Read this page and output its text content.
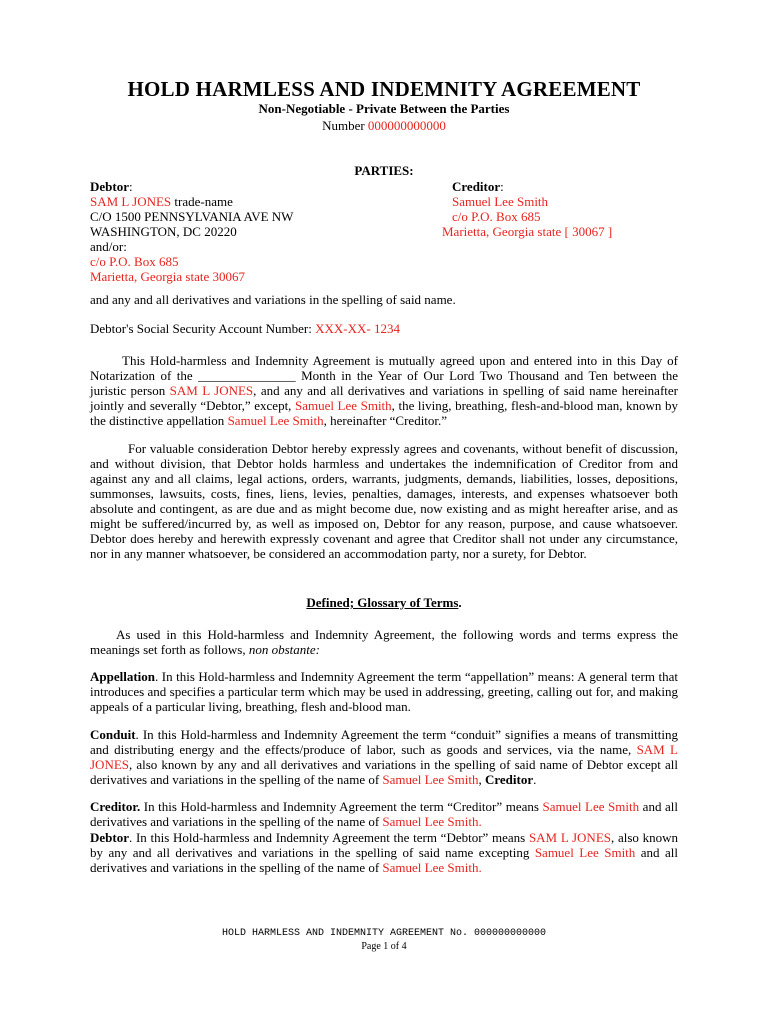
HOLD HARMLESS AND INDEMNITY AGREEMENT
Non-Negotiable - Private Between the Parties
Number 000000000000
PARTIES:
Debtor:
SAM L JONES trade-name
C/O 1500 PENNSYLVANIA AVE NW
WASHINGTON, DC 20220
and/or:
c/o P.O. Box 685
Marietta, Georgia state 30067
Creditor:
Samuel Lee Smith
c/o P.O. Box 685
Marietta, Georgia state [ 30067 ]
and any and all derivatives and variations in the spelling of said name.
Debtor's Social Security Account Number: XXX-XX- 1234
This Hold-harmless and Indemnity Agreement is mutually agreed upon and entered into in this Day of Notarization of the _______________ Month in the Year of Our Lord Two Thousand and Ten between the juristic person SAM L JONES, and any and all derivatives and variations in spelling of said name hereinafter jointly and severally “Debtor,” except, Samuel Lee Smith, the living, breathing, flesh-and-blood man, known by the distinctive appellation Samuel Lee Smith, hereinafter “Creditor.”
For valuable consideration Debtor hereby expressly agrees and covenants, without benefit of discussion, and without division, that Debtor holds harmless and undertakes the indemnification of Creditor from and against any and all claims, legal actions, orders, warrants, judgments, demands, liabilities, losses, depositions, summonses, lawsuits, costs, fines, liens, levies, penalties, damages, interests, and expenses whatsoever both absolute and contingent, as are due and as might become due, now existing and as might hereafter arise, and as might be suffered/incurred by, as well as imposed on, Debtor for any reason, purpose, and cause whatsoever. Debtor does hereby and herewith expressly covenant and agree that Creditor shall not under any circumstance, nor in any manner whatsoever, be considered an accommodation party, nor a surety, for Debtor.
Defined; Glossary of Terms.
As used in this Hold-harmless and Indemnity Agreement, the following words and terms express the meanings set forth as follows, non obstante:
Appellation. In this Hold-harmless and Indemnity Agreement the term “appellation” means: A general term that introduces and specifies a particular term which may be used in addressing, greeting, calling out for, and making appeals of a particular living, breathing, flesh and-blood man.
Conduit. In this Hold-harmless and Indemnity Agreement the term “conduit” signifies a means of transmitting and distributing energy and the effects/produce of labor, such as goods and services, via the name, SAM L JONES, also known by any and all derivatives and variations in the spelling of said name of Debtor except all derivatives and variations in the spelling of the name of Samuel Lee Smith, Creditor.
Creditor. In this Hold-harmless and Indemnity Agreement the term “Creditor” means Samuel Lee Smith and all derivatives and variations in the spelling of the name of Samuel Lee Smith.
Debtor. In this Hold-harmless and Indemnity Agreement the term “Debtor” means SAM L JONES, also known by any and all derivatives and variations in the spelling of said name excepting Samuel Lee Smith and all derivatives and variations in the spelling of the name of Samuel Lee Smith.
HOLD HARMLESS AND INDEMNITY AGREEMENT No. 000000000000
Page 1 of 4
